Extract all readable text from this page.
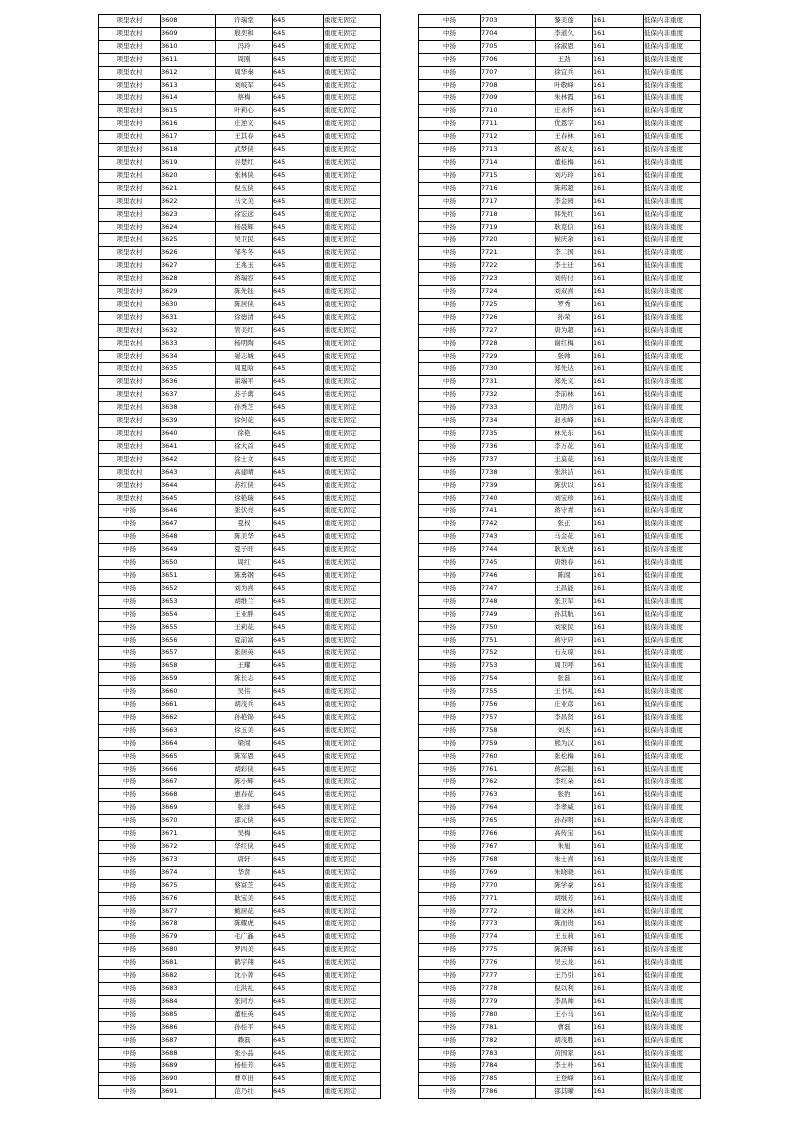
项里农村	3608	许瑞堂	645	重度无固定
项里农村	3609	殷奕和	645	重度无固定
项里农村	3610	冯玲	645	重度无固定
项里农村	3611	周刚	645	重度无固定
项里农村	3612	周华秦	645	重度无固定
项里农村	3613	刘岐军	645	重度无固定
项里农村	3614	蔡梅	645	重度无固定
项里农村	3615	叶莉心	645	重度无固定
项里农村	3616	庄逆义	645	重度无固定
项里农村	3617	王其春	645	重度无固定
项里农村	3618	武梦侠	645	重度无固定
项里农村	3619	谷楚红	645	重度无固定
项里农村	3620	张林侠	645	重度无固定
项里农村	3621	倪玉侠	645	重度无固定
项里农村	3622	马文美	645	重度无固定
项里农村	3623	徐宏远	645	重度无固定
项里农村	3624	杨晨辉	645	重度无固定
项里农村	3625	吴卫民	645	重度无固定
项里农村	3626	邹冬冬	645	重度无固定
项里农村	3627	王兆玉	645	重度无固定
项里农村	3628	蒋瑞容	645	重度无固定
项里农村	3629	陈先钰	645	重度无固定
项里农村	3630	陈居侠	645	重度无固定
项里农村	3631	徐德清	645	重度无固定
项里农村	3632	管美红	645	重度无固定
项里农村	3633	杨明陶	645	重度无固定
项里农村	3634	晏志城	645	重度无固定
项里农村	3635	周夏晗	645	重度无固定
项里农村	3636	翟瑞平	645	重度无固定
项里农村	3637	苏子禽	645	重度无固定
项里农村	3638	孙秀芝	645	重度无固定
项里农村	3639	徐何花	645	重度无固定
项里农村	3640	徐艳	645	重度无固定
项里农村	3641	徐大首	645	重度无固定
项里农村	3642	徐士文	645	重度无固定
项里农村	3643	高建晴	645	重度无固定
项里农村	3644	苏红侠	645	重度无固定
项里农村	3645	徐艳瑞	645	重度无固定
中扬	3646	张伏亮	645	重度无固定
中扬	3647	夏权	645	重度无固定
中扬	3648	陈美华	645	重度无固定
中扬	3649	夏子旺	645	重度无固定
中扬	3650	周红	645	重度无固定
中扬	3651	陈勇钢	645	重度无固定
中扬	3652	刘为喜	645	重度无固定
中扬	3653	胡维兰	645	重度无固定
中扬	3654	王业胖	645	重度无固定
中扬	3655	王莉花	645	重度无固定
中扬	3656	夏前富	645	重度无固定
中扬	3657	张居英	645	重度无固定
中扬	3658	王耀	645	重度无固定
中扬	3659	陈长志	645	重度无固定
中扬	3660	吴伟	645	重度无固定
中扬	3661	胡茂兵	645	重度无固定
中扬	3662	孙艳锦	645	重度无固定
中扬	3663	徐玉美	645	重度无固定
中扬	3664	梁闯	645	重度无固定
中扬	3665	陈军恩	645	重度无固定
中扬	3666	胡彩侠	645	重度无固定
中扬	3667	陈小辉	645	重度无固定
中扬	3668	惠春花	645	重度无固定
中扬	3669	张洋	645	重度无固定
中扬	3670	邵元侠	645	重度无固定
中扬	3671	吴梅	645	重度无固定
中扬	3672	华红侠	645	重度无固定
中扬	3673	唐轩	645	重度无固定
中扬	3674	华贤	645	重度无固定
中扬	3675	蔡富芝	645	重度无固定
中扬	3676	耿宝美	645	重度无固定
中扬	3677	鲍居花	645	重度无固定
中扬	3678	陈耀虎	645	重度无固定
中扬	3679	毛广鑫	645	重度无固定
中扬	3680	罗四美	645	重度无固定
中扬	3681	鹤宇翔	645	重度无固定
中扬	3682	沈小菁	645	重度无固定
中扬	3683	庄洪礼	645	重度无固定
中扬	3684	张同方	645	重度无固定
中扬	3685	董桂英	645	重度无固定
中扬	3686	孙桂平	645	重度无固定
中扬	3687	赖磊	645	重度无固定
中扬	3688	张小品	645	重度无固定
中扬	3689	杨桂芳	645	重度无固定
中扬	3690	曹草田	645	重度无固定
中扬	3691	范乃壮	645	重度无固定
中扬	7703	黎美莲	161	低保内非重度
中扬	7704	李道久	161	低保内非重度
中扬	7705	徐淑恩	161	低保内非重度
中扬	7706	王劲	161	低保内非重度
中扬	7707	徐宜兵	161	低保内非重度
中扬	7708	叶敬峰	161	低保内非重度
中扬	7709	朱林霞	161	低保内非重度
中扬	7710	庄永怀	161	低保内非重度
中扬	7711	优恩字	161	低保内非重度
中扬	7712	王春林	161	低保内非重度
中扬	7713	蒋双太	161	低保内非重度
中扬	7714	董桂梅	161	低保内非重度
中扬	7715	刘巧玲	161	低保内非重度
中扬	7716	陈邦超	161	低保内非重度
中扬	7717	李金园	161	低保内非重度
中扬	7718	韩先红	161	低保内非重度
中扬	7719	耿克信	161	低保内非重度
中扬	7720	候庆余	161	低保内非重度
中扬	7721	李二国	161	低保内非重度
中扬	7722	李士迁	161	低保内非重度
中扬	7723	刘传付	161	低保内非重度
中扬	7724	刘双喜	161	低保内非重度
中扬	7725	罗秀	161	低保内非重度
中扬	7726	孙荣	161	低保内非重度
中扬	7727	唐为超	161	低保内非重度
中扬	7728	谢红梅	161	低保内非重度
中扬	7729	张帅	161	低保内非重度
中扬	7730	郑先达	161	低保内非重度
中扬	7731	郑先义	161	低保内非重度
中扬	7732	李前林	161	低保内非重度
中扬	7733	范明合	161	低保内非重度
中扬	7734	赵永峰	161	低保内非重度
中扬	7735	林光东	161	低保内非重度
中扬	7736	李万花	161	低保内非重度
中扬	7737	王莫花	161	低保内非重度
中扬	7738	张洪洁	161	低保内非重度
中扬	7739	陈伏以	161	低保内非重度
中扬	7740	刘宝珍	161	低保内非重度
中扬	7741	蒋守青	161	低保内非重度
中扬	7742	张正	161	低保内非重度
中扬	7743	马金花	161	低保内非重度
中扬	7744	耿光虎	161	低保内非重度
中扬	7745	唐维春	161	低保内非重度
中扬	7746	陈闯	161	低保内非重度
中扬	7747	王昌能	161	低保内非重度
中扬	7748	张卫军	161	低保内非重度
中扬	7749	孙其航	161	低保内非重度
中扬	7750	刘家民	161	低保内非重度
中扬	7751	蒋守应	161	低保内非重度
中扬	7752	石友琼	161	低保内非重度
中扬	7753	周卫呼	161	低保内非重度
中扬	7754	张磊	161	低保内非重度
中扬	7755	王书礼	161	低保内非重度
中扬	7756	庄业彦	161	低保内非重度
中扬	7757	李昌贤	161	低保内非重度
中扬	7758	刘杰	161	低保内非重度
中扬	7759	熊为汉	161	低保内非重度
中扬	7760	张松梅	161	低保内非重度
中扬	7761	蒋宗振	161	低保内非重度
中扬	7762	李红朵	161	低保内非重度
中扬	7763	张豹	161	低保内非重度
中扬	7764	李孝威	161	低保内非重度
中扬	7765	孙春明	161	低保内非重度
中扬	7766	高传宝	161	低保内非重度
中扬	7767	朱旭	161	低保内非重度
中扬	7768	朱士喜	161	低保内非重度
中扬	7769	朱晓晓	161	低保内非重度
中扬	7770	陈学豪	161	低保内非重度
中扬	7771	胡继芳	161	低保内非重度
中扬	7772	谢文林	161	低保内非重度
中扬	7773	陈而贵	161	低保内非重度
中扬	7774	王玉莉	161	低保内非重度
中扬	7775	陈泽辉	161	低保内非重度
中扬	7776	吴云龙	161	低保内非重度
中扬	7777	王乃引	161	低保内非重度
中扬	7778	倪以利	161	低保内非重度
中扬	7779	李昌帅	161	低保内非重度
中扬	7780	王小马	161	低保内非重度
中扬	7781	曹磊	161	低保内非重度
中扬	7782	胡茂胜	161	低保内非重度
中扬	7783	黄国家	161	低保内非重度
中扬	7784	李士朴	161	低保内非重度
中扬	7785	王登峰	161	低保内非重度
中扬	7786	邵其曜	161	低保内非重度
